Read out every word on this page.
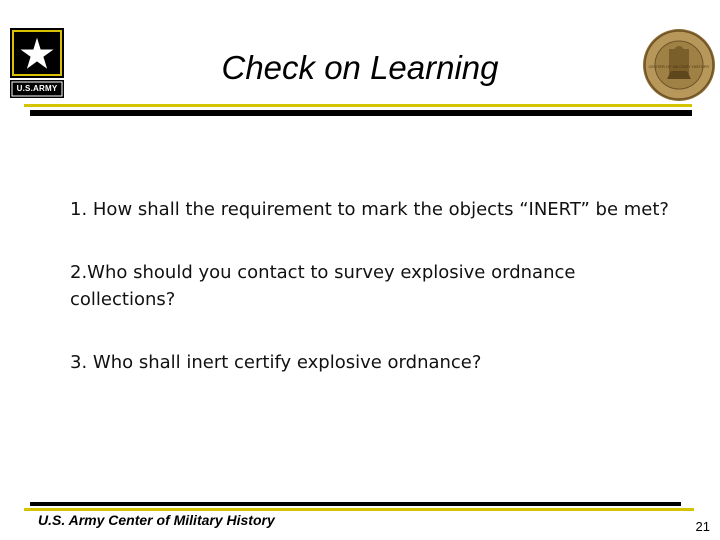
U.S.ARMY
Check on Learning	CENTER OF MILITARY HISTORY

1. How shall the requirement to mark the objects “INERT” be met?

2.Who should you contact to survey explosive ordnance collections?

3. Who shall inert certify explosive ordnance?

U.S. Army Center of Military History	21
